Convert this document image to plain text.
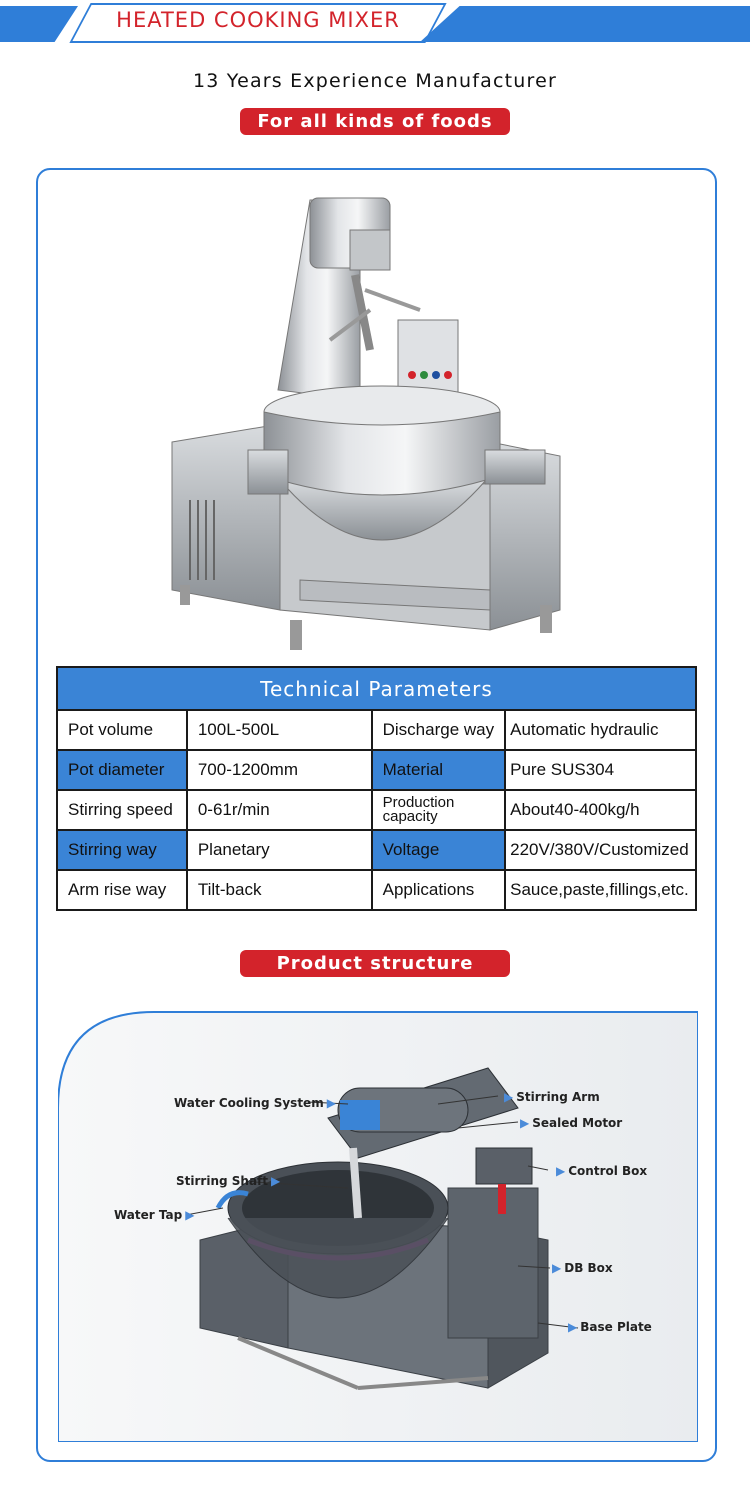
HEATED COOKING MIXER
13 Years Experience Manufacturer
For all kinds of foods
Technical Parameters			
Pot volume	100L-500L	Discharge way	Automatic hydraulic
Pot diameter	700-1200mm	Material	Pure SUS304
Stirring speed	0-61r/min	Production capacity	About40-400kg/h
Stirring way	Planetary	Voltage	220V/380V/Customized
Arm rise way	Tilt-back	Applications	Sauce,paste,fillings,etc.
Product structure
Water Cooling System ▶	▶ Stirring Arm
▶ Sealed Motor
Stirring Shaft ▶
▶ Control Box
Water Tap ▶
▶ DB Box
▶ Base Plate
